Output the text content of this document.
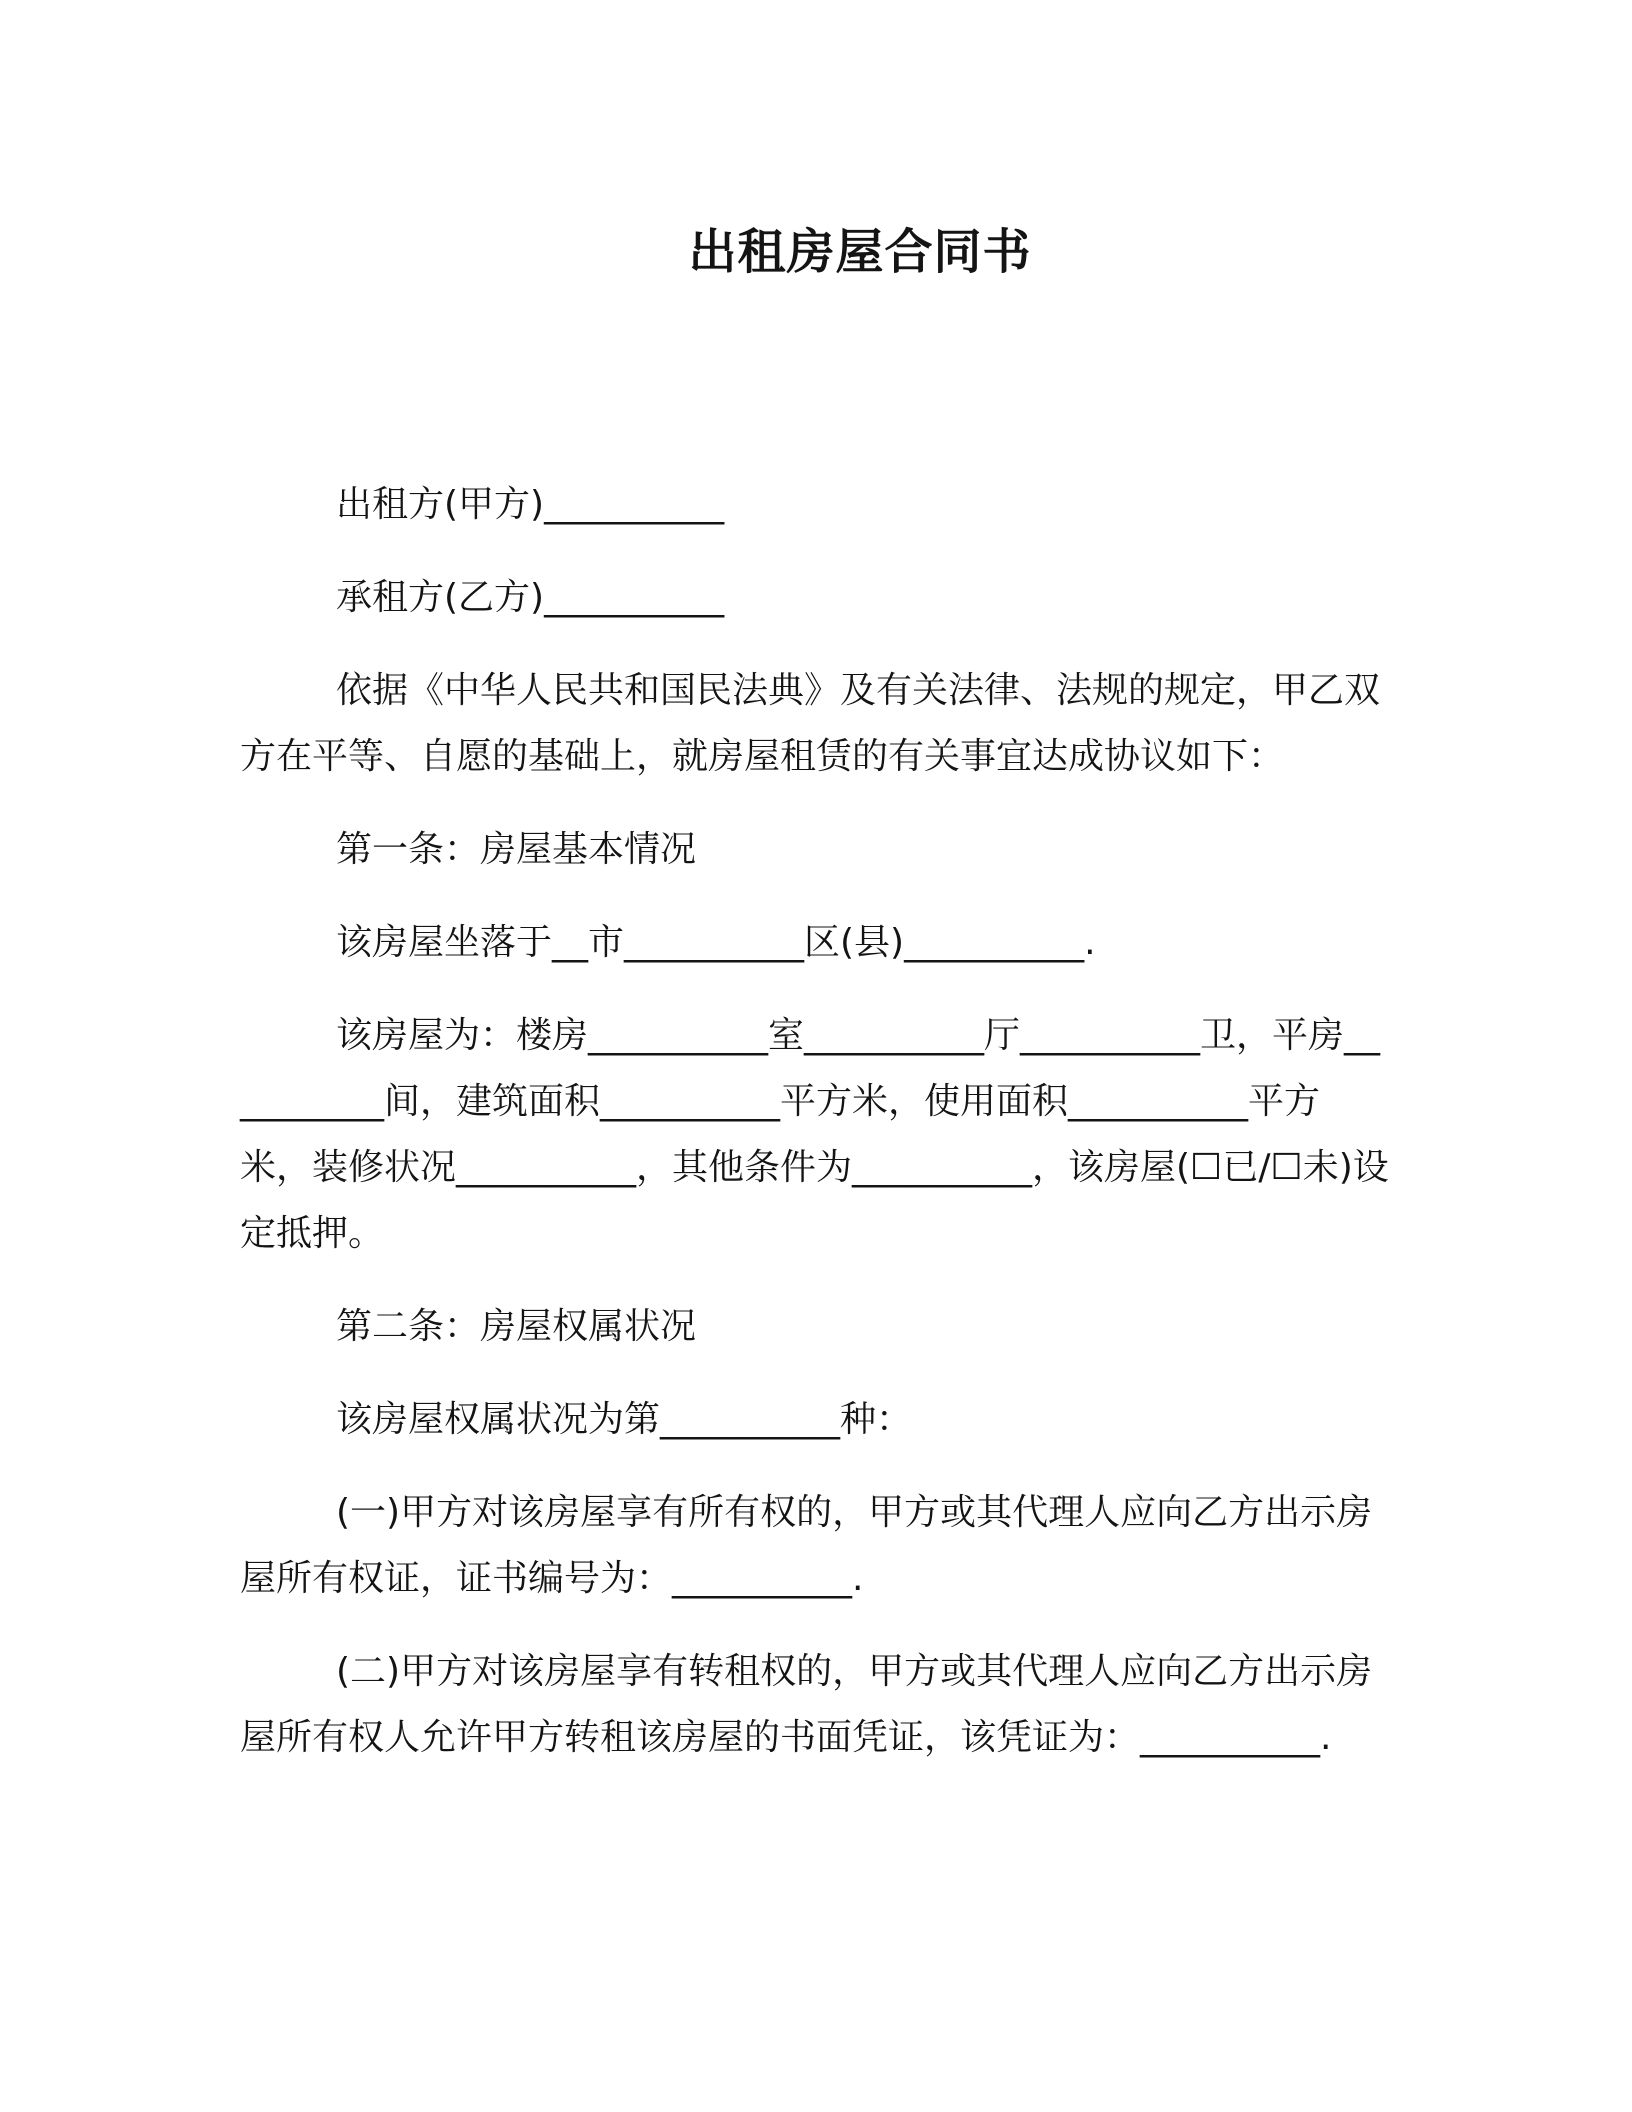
出租房屋合同书

出租方(甲方)__________

承租方(乙方)__________

依据《中华人民共和国民法典》及有关法律、法规的规定，甲乙双方在平等、自愿的基础上，就房屋租赁的有关事宜达成协议如下：

第一条：房屋基本情况

该房屋坐落于__市__________区(县)__________.

该房屋为：楼房__________室__________厅__________卫，平房__________间，建筑面积__________平方米，使用面积__________平方米，装修状况__________，其他条件为__________，该房屋(☐已/☐未)设定抵押。

第二条：房屋权属状况

该房屋权属状况为第__________种：

(一)甲方对该房屋享有所有权的，甲方或其代理人应向乙方出示房屋所有权证，证书编号为：__________.

(二)甲方对该房屋享有转租权的，甲方或其代理人应向乙方出示房屋所有权人允许甲方转租该房屋的书面凭证，该凭证为：__________.
